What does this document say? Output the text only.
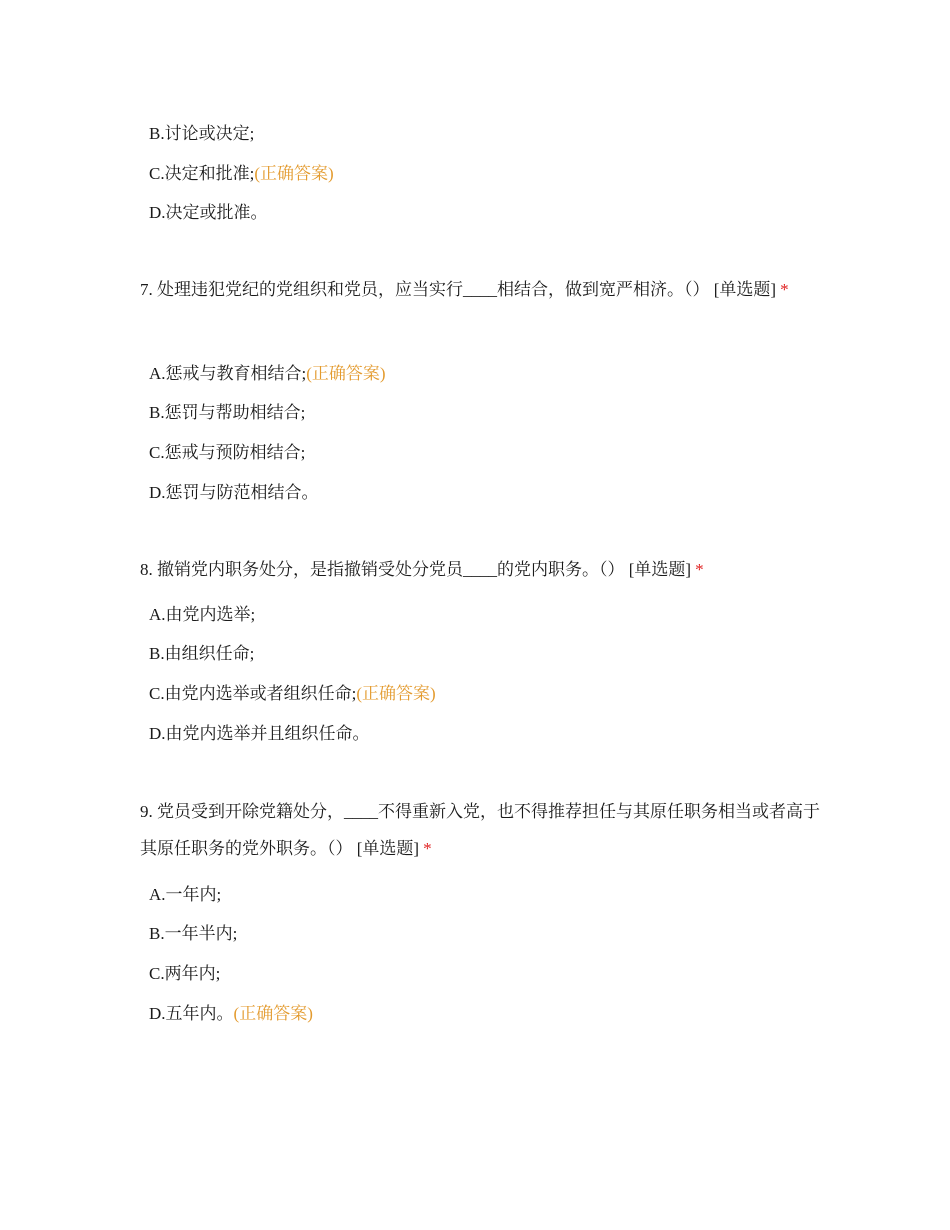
B.讨论或决定;
C.决定和批准;(正确答案)
D.决定或批准。
7. 处理违犯党纪的党组织和党员，应当实行____相结合，做到宽严相济。（） [单选题] *
A.惩戒与教育相结合;(正确答案)
B.惩罚与帮助相结合;
C.惩戒与预防相结合;
D.惩罚与防范相结合。
8. 撤销党内职务处分，是指撤销受处分党员____的党内职务。（） [单选题] *
A.由党内选举;
B.由组织任命;
C.由党内选举或者组织任命;(正确答案)
D.由党内选举并且组织任命。
9. 党员受到开除党籍处分，____不得重新入党，也不得推荐担任与其原任职务相当或者高于其原任职务的党外职务。（） [单选题] *
A.一年内;
B.一年半内;
C.两年内;
D.五年内。(正确答案)
